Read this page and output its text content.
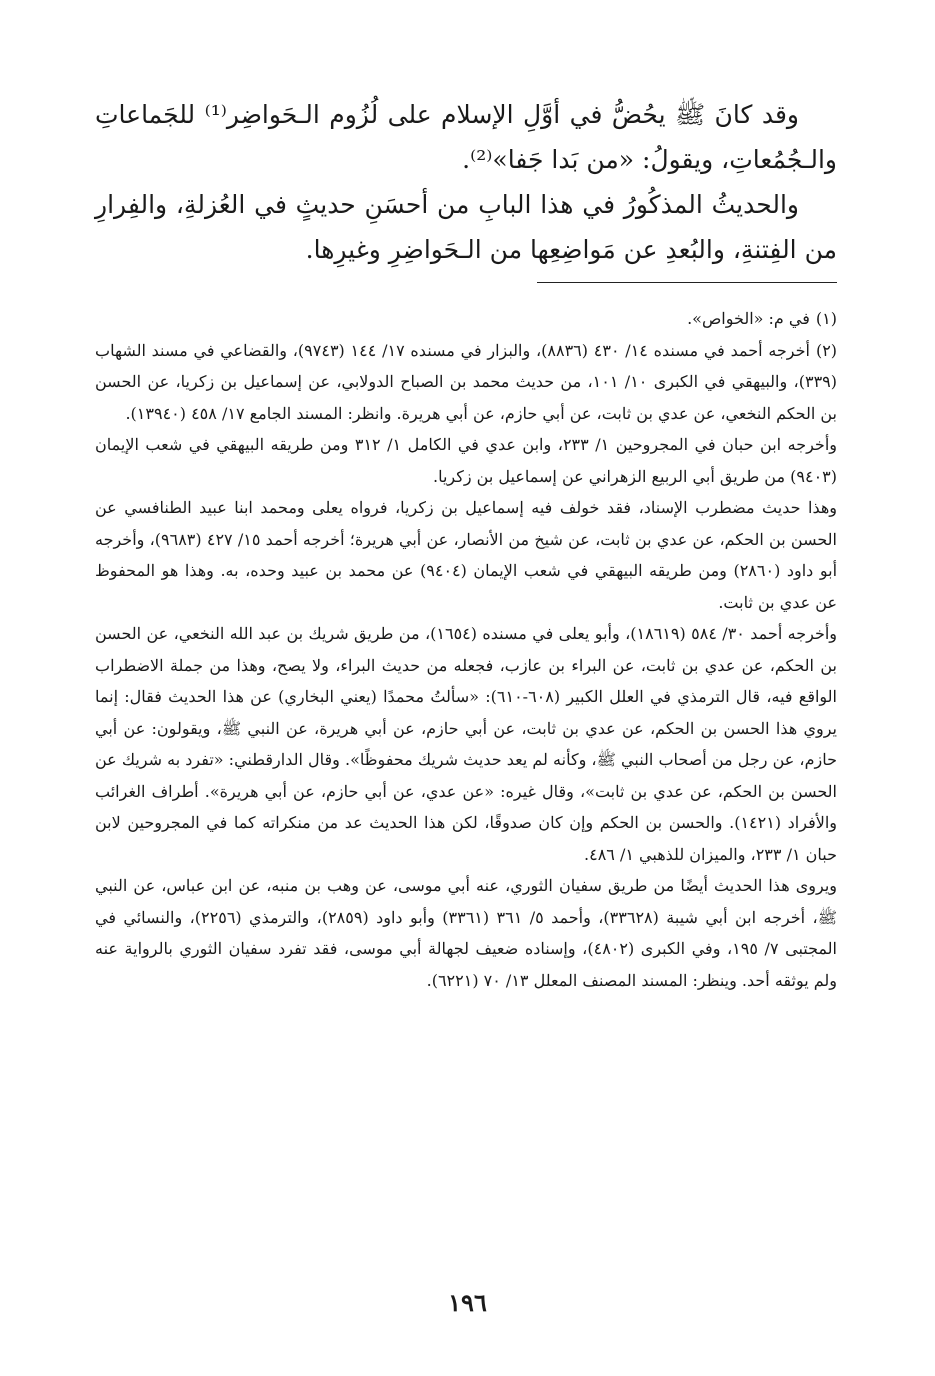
وقد كانَ ﷺ يحُضُّ في أوَّلِ الإسلام على لُزُوم الـحَواضِر⁽¹⁾ للجَماعاتِ والـجُمُعاتِ، ويقولُ: «من بَدا جَفا»⁽²⁾.

والحديثُ المذكُورُ في هذا البابِ من أحسَنِ حديثٍ في العُزلةِ، والفِرارِ من الفِتنةِ، والبُعدِ عن مَواضِعِها من الـحَواضِرِ وغيرِها.

(١)في م: «الخواص».

(٢)أخرجه أحمد في مسنده ١٤/ ٤٣٠ (٨٨٣٦)، والبزار في مسنده ١٧/ ١٤٤ (٩٧٤٣)، والقضاعي في مسند الشهاب (٣٣٩)، والبيهقي في الكبرى ١٠/ ١٠١، من حديث محمد بن الصباح الدولابي، عن إسماعيل بن زكريا، عن الحسن بن الحكم النخعي، عن عدي بن ثابت، عن أبي حازم، عن أبي هريرة. وانظر: المسند الجامع ١٧/ ٤٥٨ (١٣٩٤٠).

وأخرجه ابن حبان في المجروحين ١/ ٢٣٣، وابن عدي في الكامل ١/ ٣١٢ ومن طريقه البيهقي في شعب الإيمان (٩٤٠٣) من طريق أبي الربيع الزهراني عن إسماعيل بن زكريا.

وهذا حديث مضطرب الإسناد، فقد خولف فيه إسماعيل بن زكريا، فرواه يعلى ومحمد ابنا عبيد الطنافسي عن الحسن بن الحكم، عن عدي بن ثابت، عن شيخ من الأنصار، عن أبي هريرة؛ أخرجه أحمد ١٥/ ٤٢٧ (٩٦٨٣)، وأخرجه أبو داود (٢٨٦٠) ومن طريقه البيهقي في شعب الإيمان (٩٤٠٤) عن محمد بن عبيد وحده، به. وهذا هو المحفوظ عن عدي بن ثابت.

وأخرجه أحمد ٣٠/ ٥٨٤ (١٨٦١٩)، وأبو يعلى في مسنده (١٦٥٤)، من طريق شريك بن عبد الله النخعي، عن الحسن بن الحكم، عن عدي بن ثابت، عن البراء بن عازب، فجعله من حديث البراء، ولا يصح، وهذا من جملة الاضطراب الواقع فيه، قال الترمذي في العلل الكبير (٦٠٨-٦١٠): «سألتُ محمدًا (يعني البخاري) عن هذا الحديث فقال: إنما يروي هذا الحسن بن الحكم، عن عدي بن ثابت، عن أبي حازم، عن أبي هريرة، عن النبي ﷺ، ويقولون: عن أبي حازم، عن رجل من أصحاب النبي ﷺ، وكأنه لم يعد حديث شريك محفوظًا». وقال الدارقطني: «تفرد به شريك عن الحسن بن الحكم، عن عدي بن ثابت»، وقال غيره: «عن عدي، عن أبي حازم، عن أبي هريرة». أطراف الغرائب والأفراد (١٤٢١). والحسن بن الحكم وإن كان صدوقًا، لكن هذا الحديث عد من منكراته كما في المجروحين لابن حبان ١/ ٢٣٣، والميزان للذهبي ١/ ٤٨٦.

ويروى هذا الحديث أيضًا من طريق سفيان الثوري، عنه أبي موسى، عن وهب بن منبه، عن ابن عباس، عن النبي ﷺ، أخرجه ابن أبي شيبة (٣٣٦٢٨)، وأحمد ٥/ ٣٦١ (٣٣٦١) وأبو داود (٢٨٥٩)، والترمذي (٢٢٥٦)، والنسائي في المجتبى ٧/ ١٩٥، وفي الكبرى (٤٨٠٢)، وإسناده ضعيف لجهالة أبي موسى، فقد تفرد سفيان الثوري بالرواية عنه ولم يوثقه أحد. وينظر: المسند المصنف المعلل ١٣/ ٧٠ (٦٢٢١).

١٩٦
